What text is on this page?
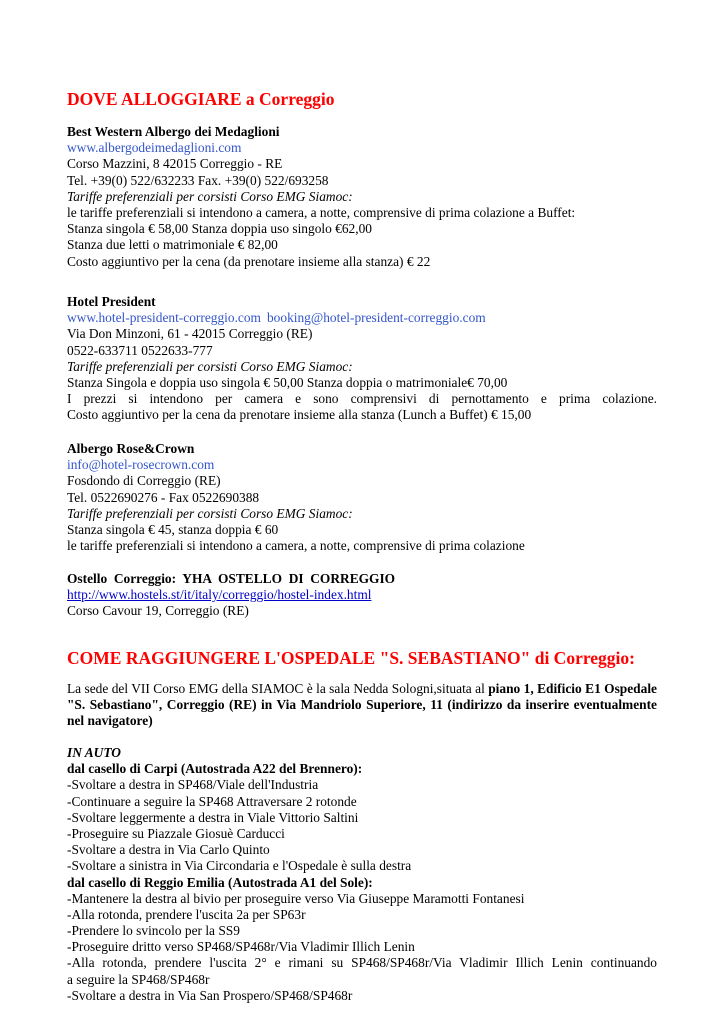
DOVE ALLOGGIARE a Correggio
Best Western Albergo dei Medaglioni
www.albergodeimedaglioni.com
Corso Mazzini, 8 42015 Correggio - RE
Tel. +39(0) 522/632233 Fax. +39(0) 522/693258
Tariffe preferenziali per corsisti Corso EMG Siamoc:
le tariffe preferenziali si intendono a camera, a notte, comprensive di prima colazione a Buffet:
Stanza singola € 58,00 Stanza doppia uso singolo €62,00
Stanza due letti o matrimoniale € 82,00
Costo aggiuntivo per la cena (da prenotare insieme alla stanza) € 22
Hotel President
www.hotel-president-correggio.com booking@hotel-president-correggio.com
Via Don Minzoni, 61 - 42015 Correggio (RE)
0522-633711 0522633-777
Tariffe preferenziali per corsisti Corso EMG Siamoc:
Stanza Singola e doppia uso singola € 50,00 Stanza doppia o matrimoniale€ 70,00
I prezzi si intendono per camera e sono comprensivi di pernottamento e prima colazione.
Costo aggiuntivo per la cena da prenotare insieme alla stanza (Lunch a Buffet) € 15,00
Albergo Rose&Crown
info@hotel-rosecrown.com
Fosdondo di Correggio (RE)
Tel. 0522690276 - Fax 0522690388
Tariffe preferenziali per corsisti Corso EMG Siamoc:
Stanza singola € 45, stanza doppia € 60
le tariffe preferenziali si intendono a camera, a notte, comprensive di prima colazione
Ostello  Correggio:  YHA  OSTELLO  DI  CORREGGIO
http://www.hostels.st/it/italy/correggio/hostel-index.html
Corso Cavour 19, Correggio (RE)
COME RAGGIUNGERE L'OSPEDALE "S. SEBASTIANO" di Correggio:
La sede del VII Corso EMG della SIAMOC è la sala Nedda Sologni,situata al piano 1, Edificio E1 Ospedale "S. Sebastiano", Correggio (RE) in Via Mandriolo Superiore, 11 (indirizzo da inserire eventualmente nel navigatore)
IN AUTO
dal casello di Carpi (Autostrada A22 del Brennero):
-Svoltare a destra in SP468/Viale dell'Industria
-Continuare a seguire la SP468 Attraversare 2 rotonde
-Svoltare leggermente a destra in Viale Vittorio Saltini
-Proseguire su Piazzale Giosuè Carducci
-Svoltare a destra in Via Carlo Quinto
-Svoltare a sinistra in Via Circondaria e l'Ospedale è sulla destra
dal casello di Reggio Emilia (Autostrada A1 del Sole):
-Mantenere la destra al bivio per proseguire verso Via Giuseppe Maramotti Fontanesi
-Alla rotonda, prendere l'uscita 2a per SP63r
-Prendere lo svincolo per la SS9
-Proseguire dritto verso SP468/SP468r/Via Vladimir Illich Lenin
-Alla rotonda, prendere l'uscita 2° e rimani su SP468/SP468r/Via Vladimir Illich Lenin continuando
a seguire la SP468/SP468r
-Svoltare a destra in Via San Prospero/SP468/SP468r
